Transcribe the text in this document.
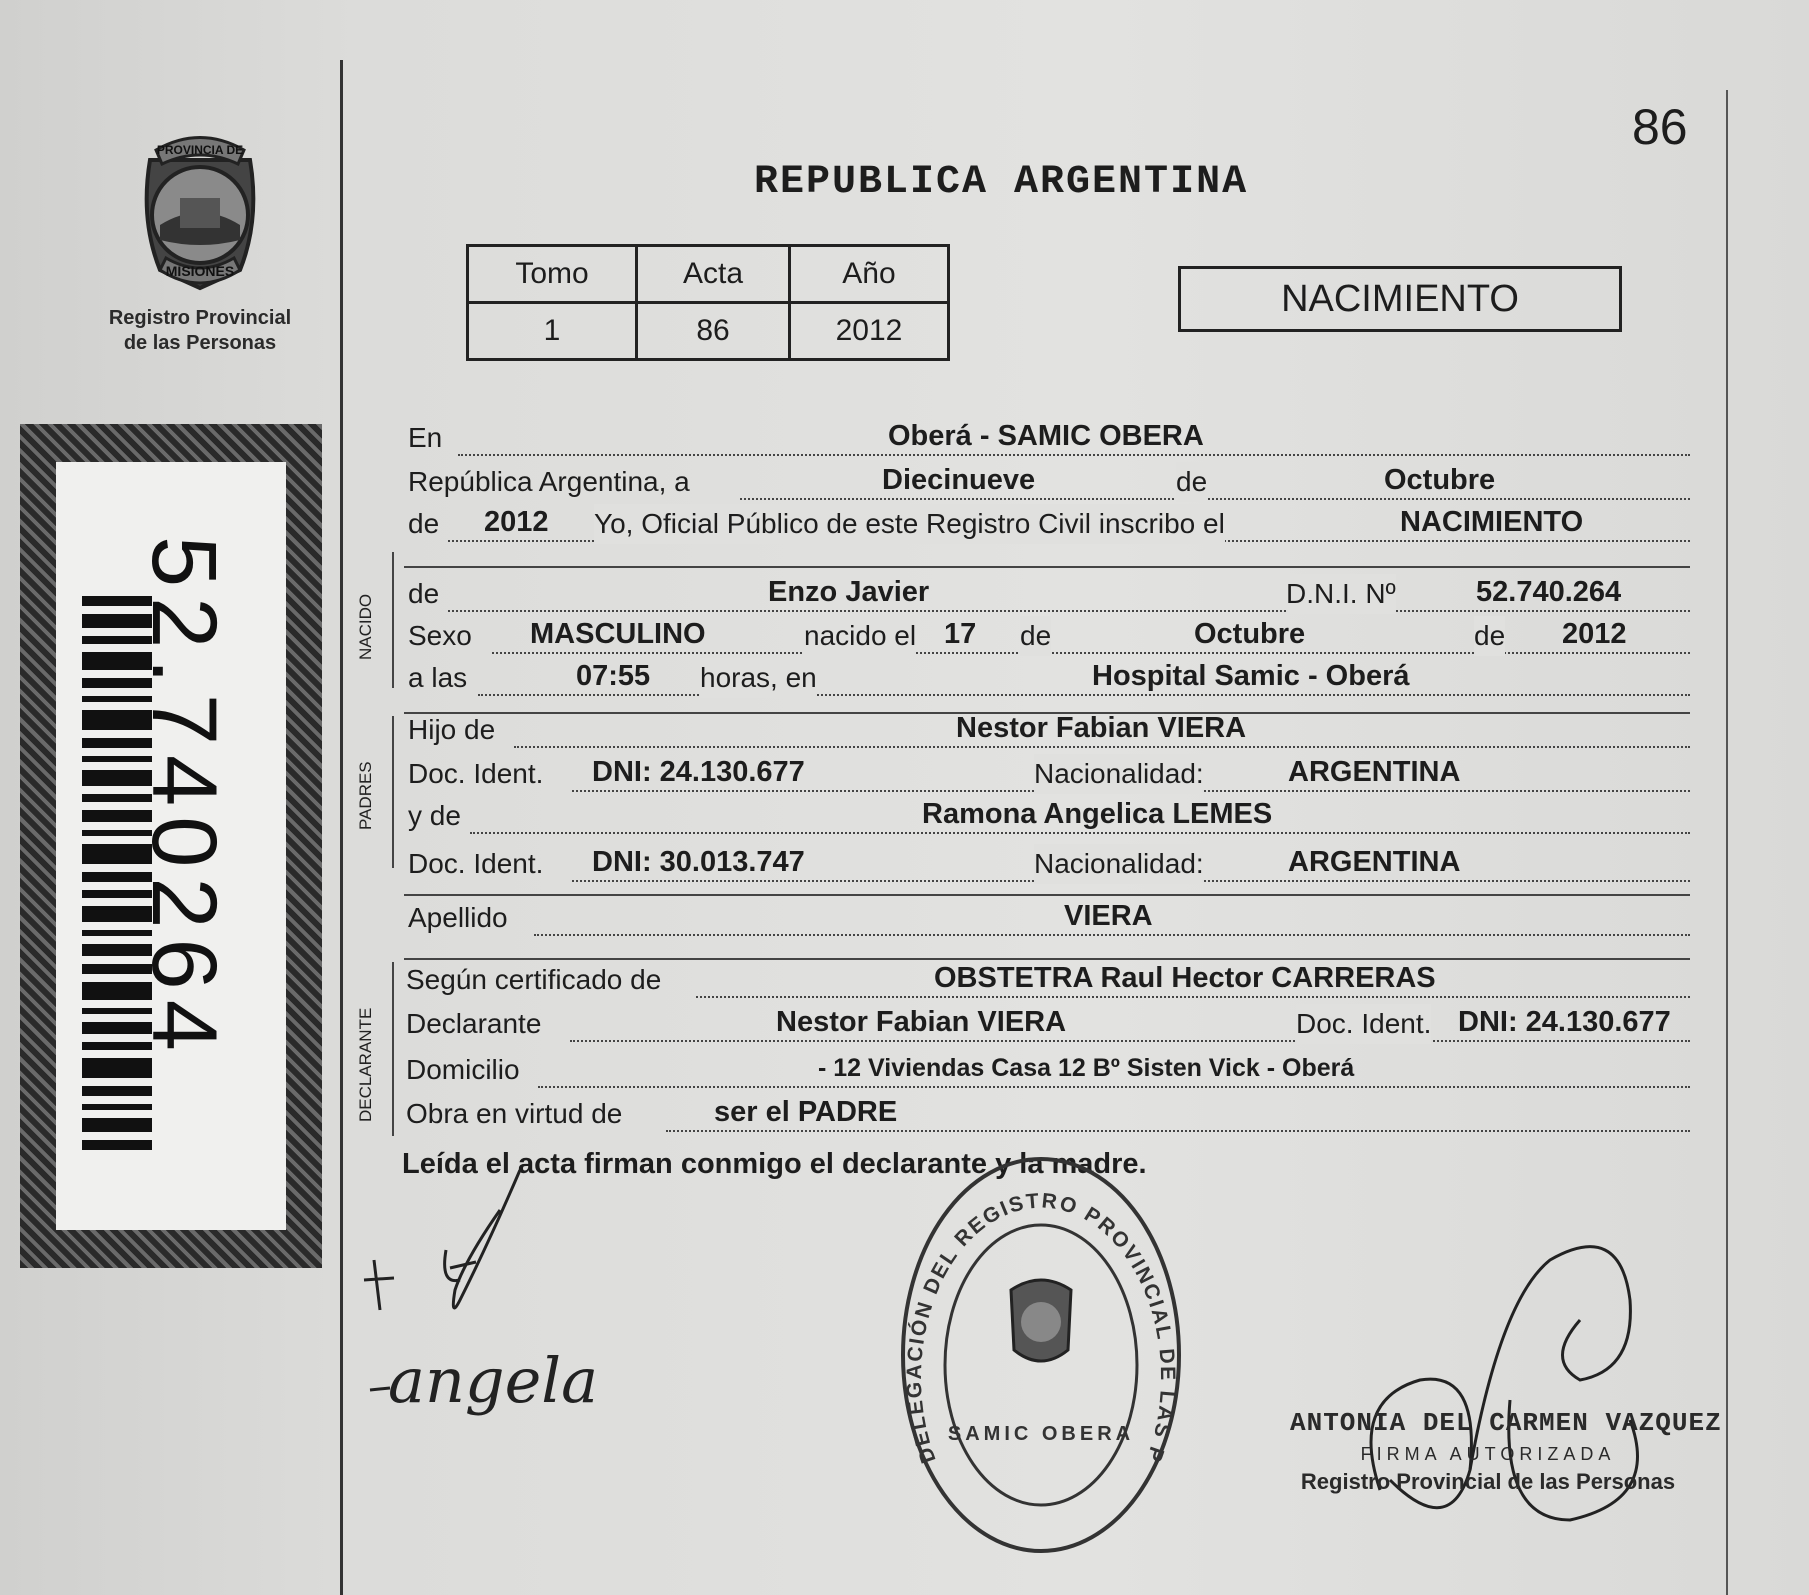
PROVINCIA DE
MISIONES
Registro Provincial
de las Personas
52.740264
86
REPUBLICA ARGENTINA
Tomo	Acta	Año
1	86	2012
NACIMIENTO
En	Oberá - SAMIC OBERA
República Argentina, a	Diecinueve	de	Octubre
de 2012 Yo, Oficial Público de este Registro Civil inscribo el	NACIMIENTO
NACIDO
de	Enzo Javier	D.N.I. Nº	52.740.264
Sexo MASCULINO	nacido el 17 de	Octubre	de 2012
a las	07:55 horas, en	Hospital Samic - Oberá
PADRES
Hijo de	Nestor Fabian VIERA
Doc. Ident. DNI: 24.130.677	Nacionalidad:	ARGENTINA
y de	Ramona Angelica LEMES
Doc. Ident. DNI: 30.013.747	Nacionalidad:	ARGENTINA
Apellido	VIERA
DECLARANTE
Según certificado de	OBSTETRA Raul Hector CARRERAS
Declarante	Nestor Fabian VIERA	Doc. Ident. DNI: 24.130.677
Domicilio	- 12 Viviendas Casa 12 Bº Sisten Vick - Oberá
Obra en virtud de	ser el PADRE
Leída el acta firman conmigo el declarante y la madre.
angela
DELEGACIÓN DEL REGISTRO PROVINCIAL DE LAS P
SAMIC OBERA	ANTONIA DEL CARMEN VAZQUEZ
FIRMA AUTORIZADA
Registro Provincial de las Personas
